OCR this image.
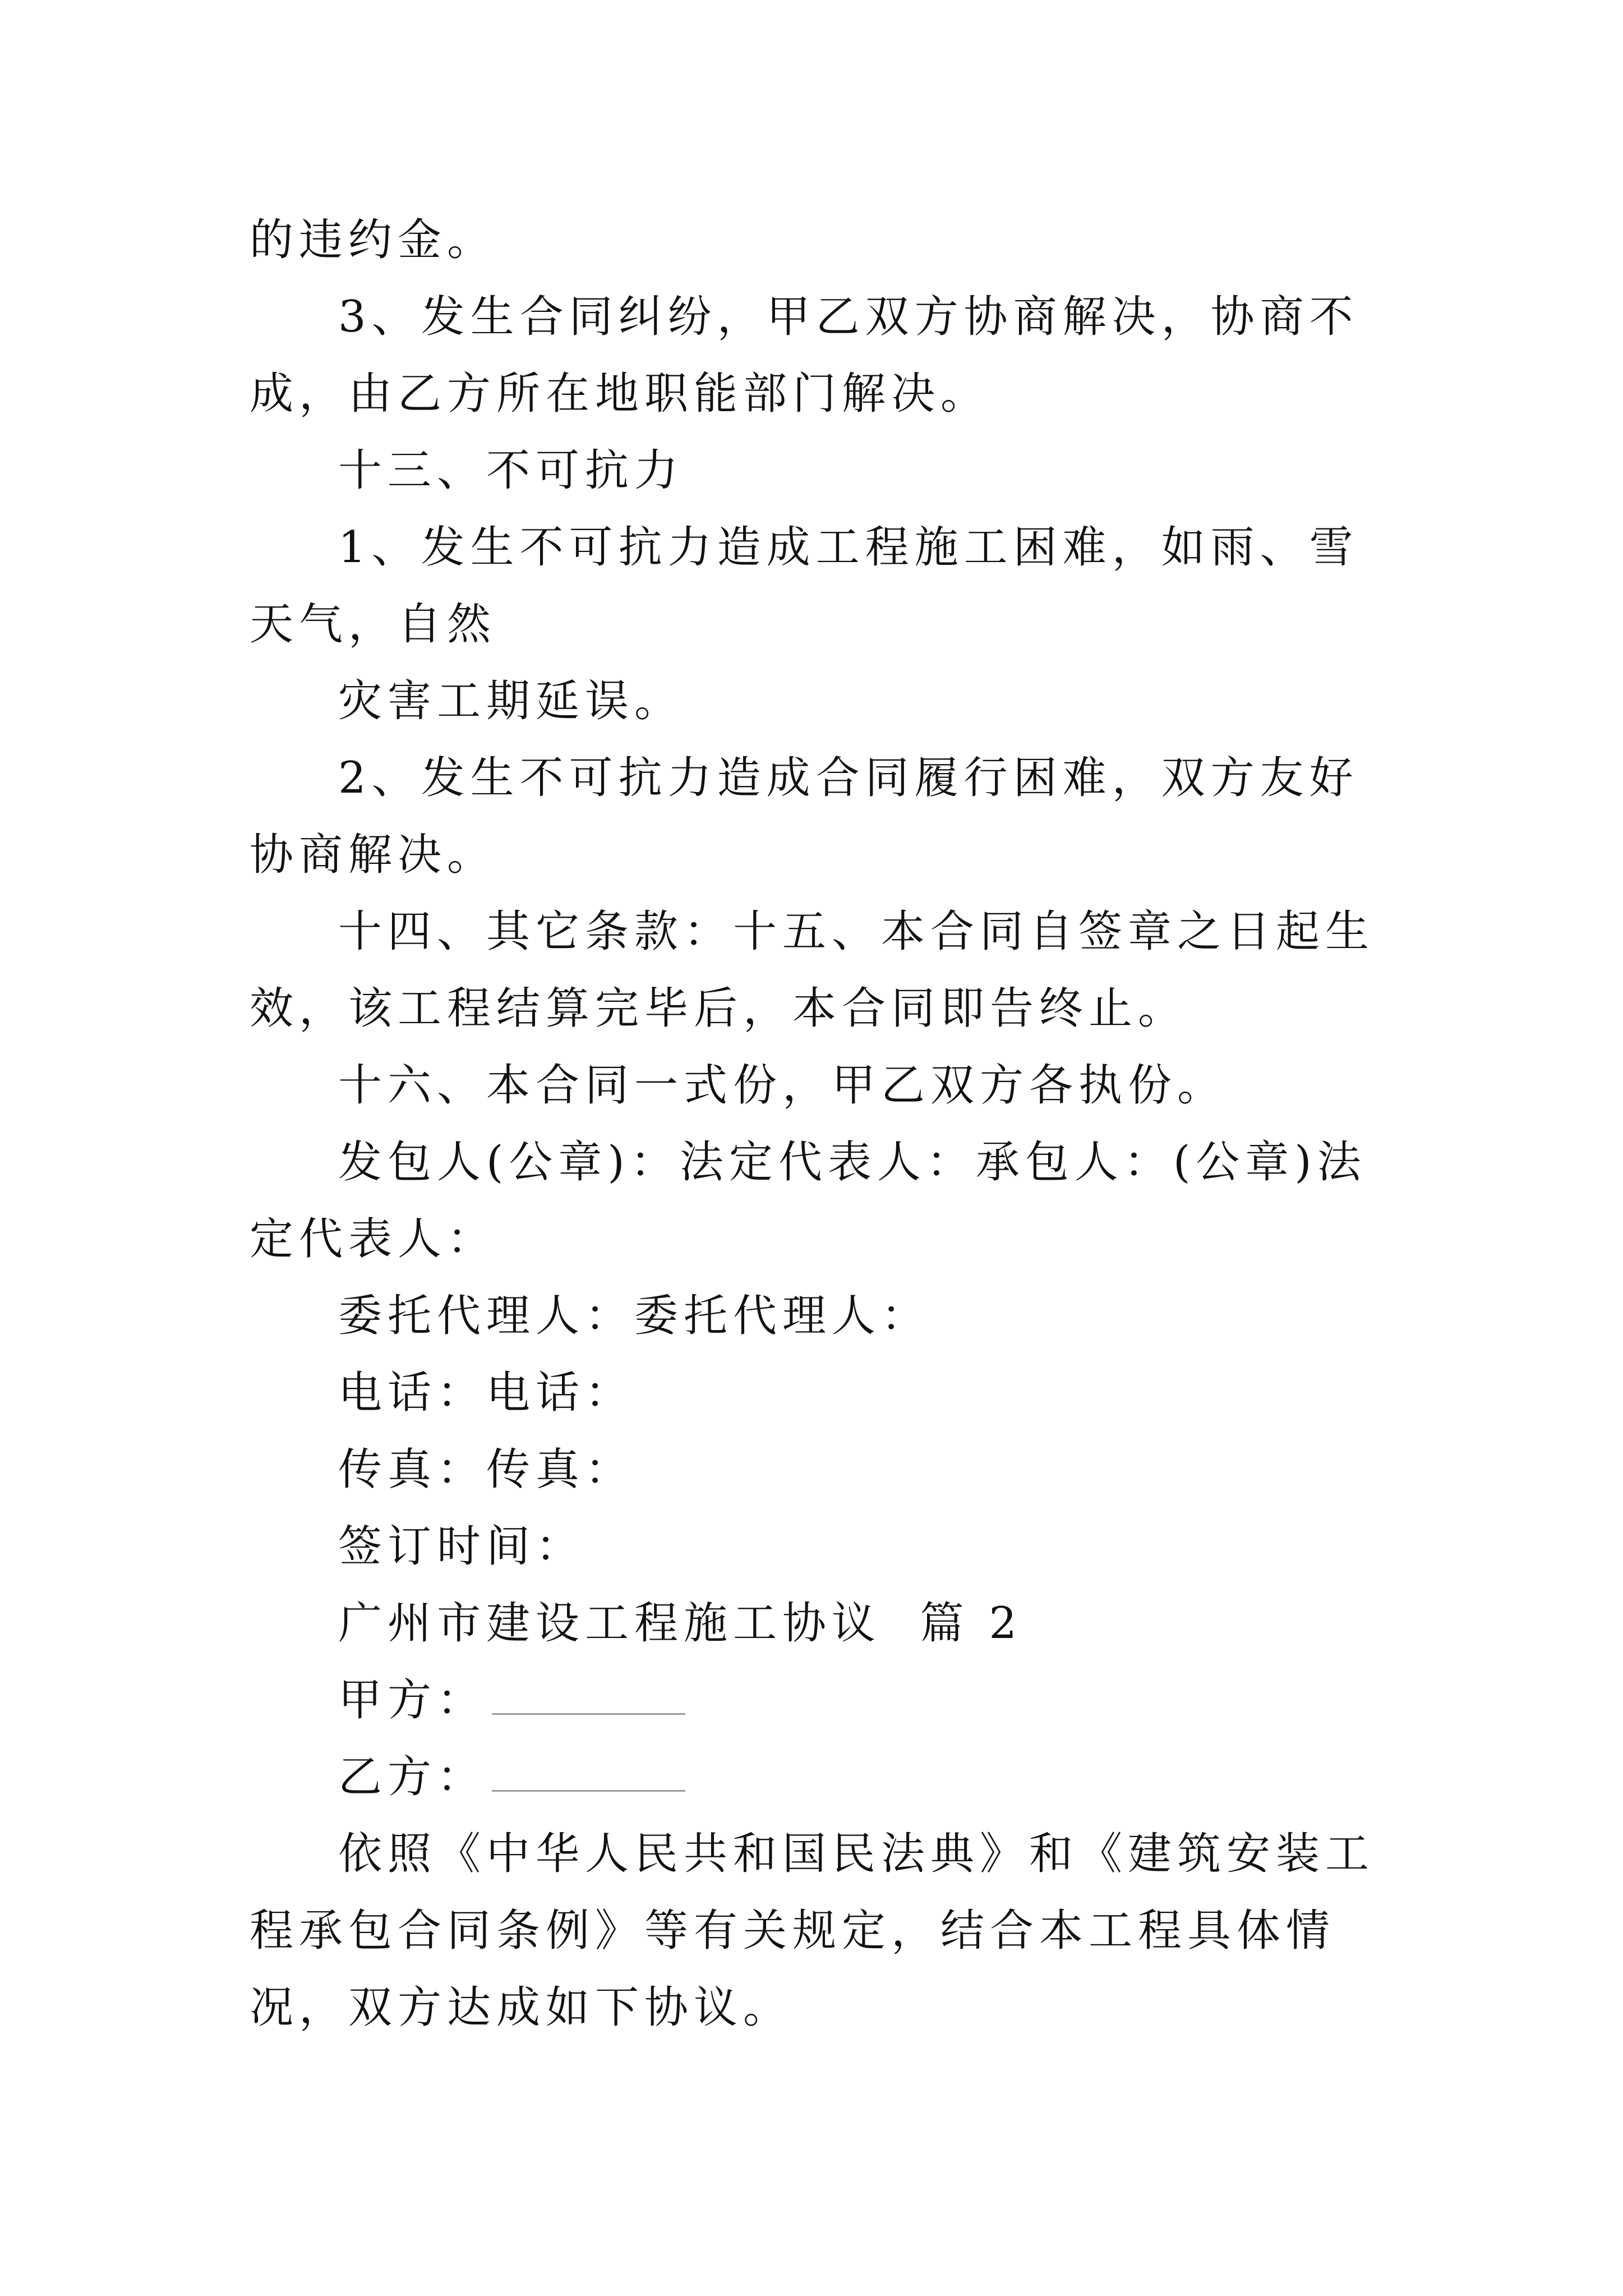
的违约金。

3、发生合同纠纷，甲乙双方协商解决，协商不成，由乙方所在地职能部门解决。

十三、不可抗力

1、发生不可抗力造成工程施工困难，如雨、雪天气，自然

灾害工期延误。

2、发生不可抗力造成合同履行困难，双方友好协商解决。

十四、其它条款：十五、本合同自签章之日起生效，该工程结算完毕后，本合同即告终止。

十六、本合同一式份，甲乙双方各执份。

发包人(公章)：法定代表人：承包人：(公章)法定代表人：

委托代理人：委托代理人：

电话：电话：

传真：传真：

签订时间：

广州市建设工程施工协议  篇 2

甲方：

乙方：

依照《中华人民共和国民法典》和《建筑安装工程承包合同条例》等有关规定，结合本工程具体情况，双方达成如下协议。
